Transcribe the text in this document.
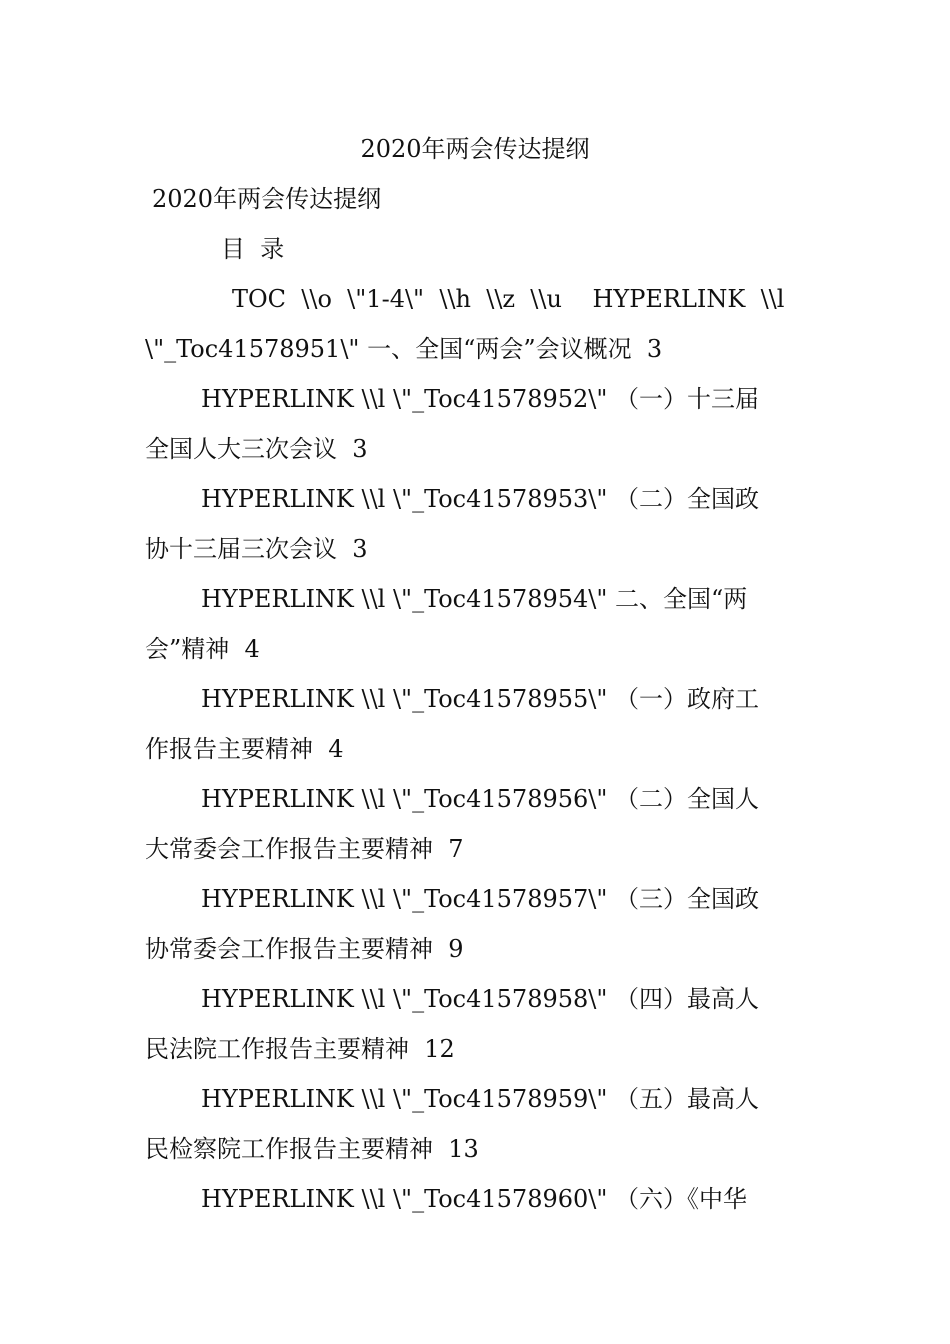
2020年两会传达提纲
2020年两会传达提纲
目  录
TOC  \\o  \"1-4\"  \\h  \\z  \\u    HYPERLINK  \\l
\"_Toc41578951\" 一、全国“两会”会议概况  3
HYPERLINK \\l \"_Toc41578952\" （一）十三届
全国人大三次会议  3
HYPERLINK \\l \"_Toc41578953\" （二）全国政
协十三届三次会议  3
HYPERLINK \\l \"_Toc41578954\" 二、全国“两
会”精神  4
HYPERLINK \\l \"_Toc41578955\" （一）政府工
作报告主要精神  4
HYPERLINK \\l \"_Toc41578956\" （二）全国人
大常委会工作报告主要精神  7
HYPERLINK \\l \"_Toc41578957\" （三）全国政
协常委会工作报告主要精神  9
HYPERLINK \\l \"_Toc41578958\" （四）最高人
民法院工作报告主要精神  12
HYPERLINK \\l \"_Toc41578959\" （五）最高人
民检察院工作报告主要精神  13
HYPERLINK \\l \"_Toc41578960\" （六）《中华
